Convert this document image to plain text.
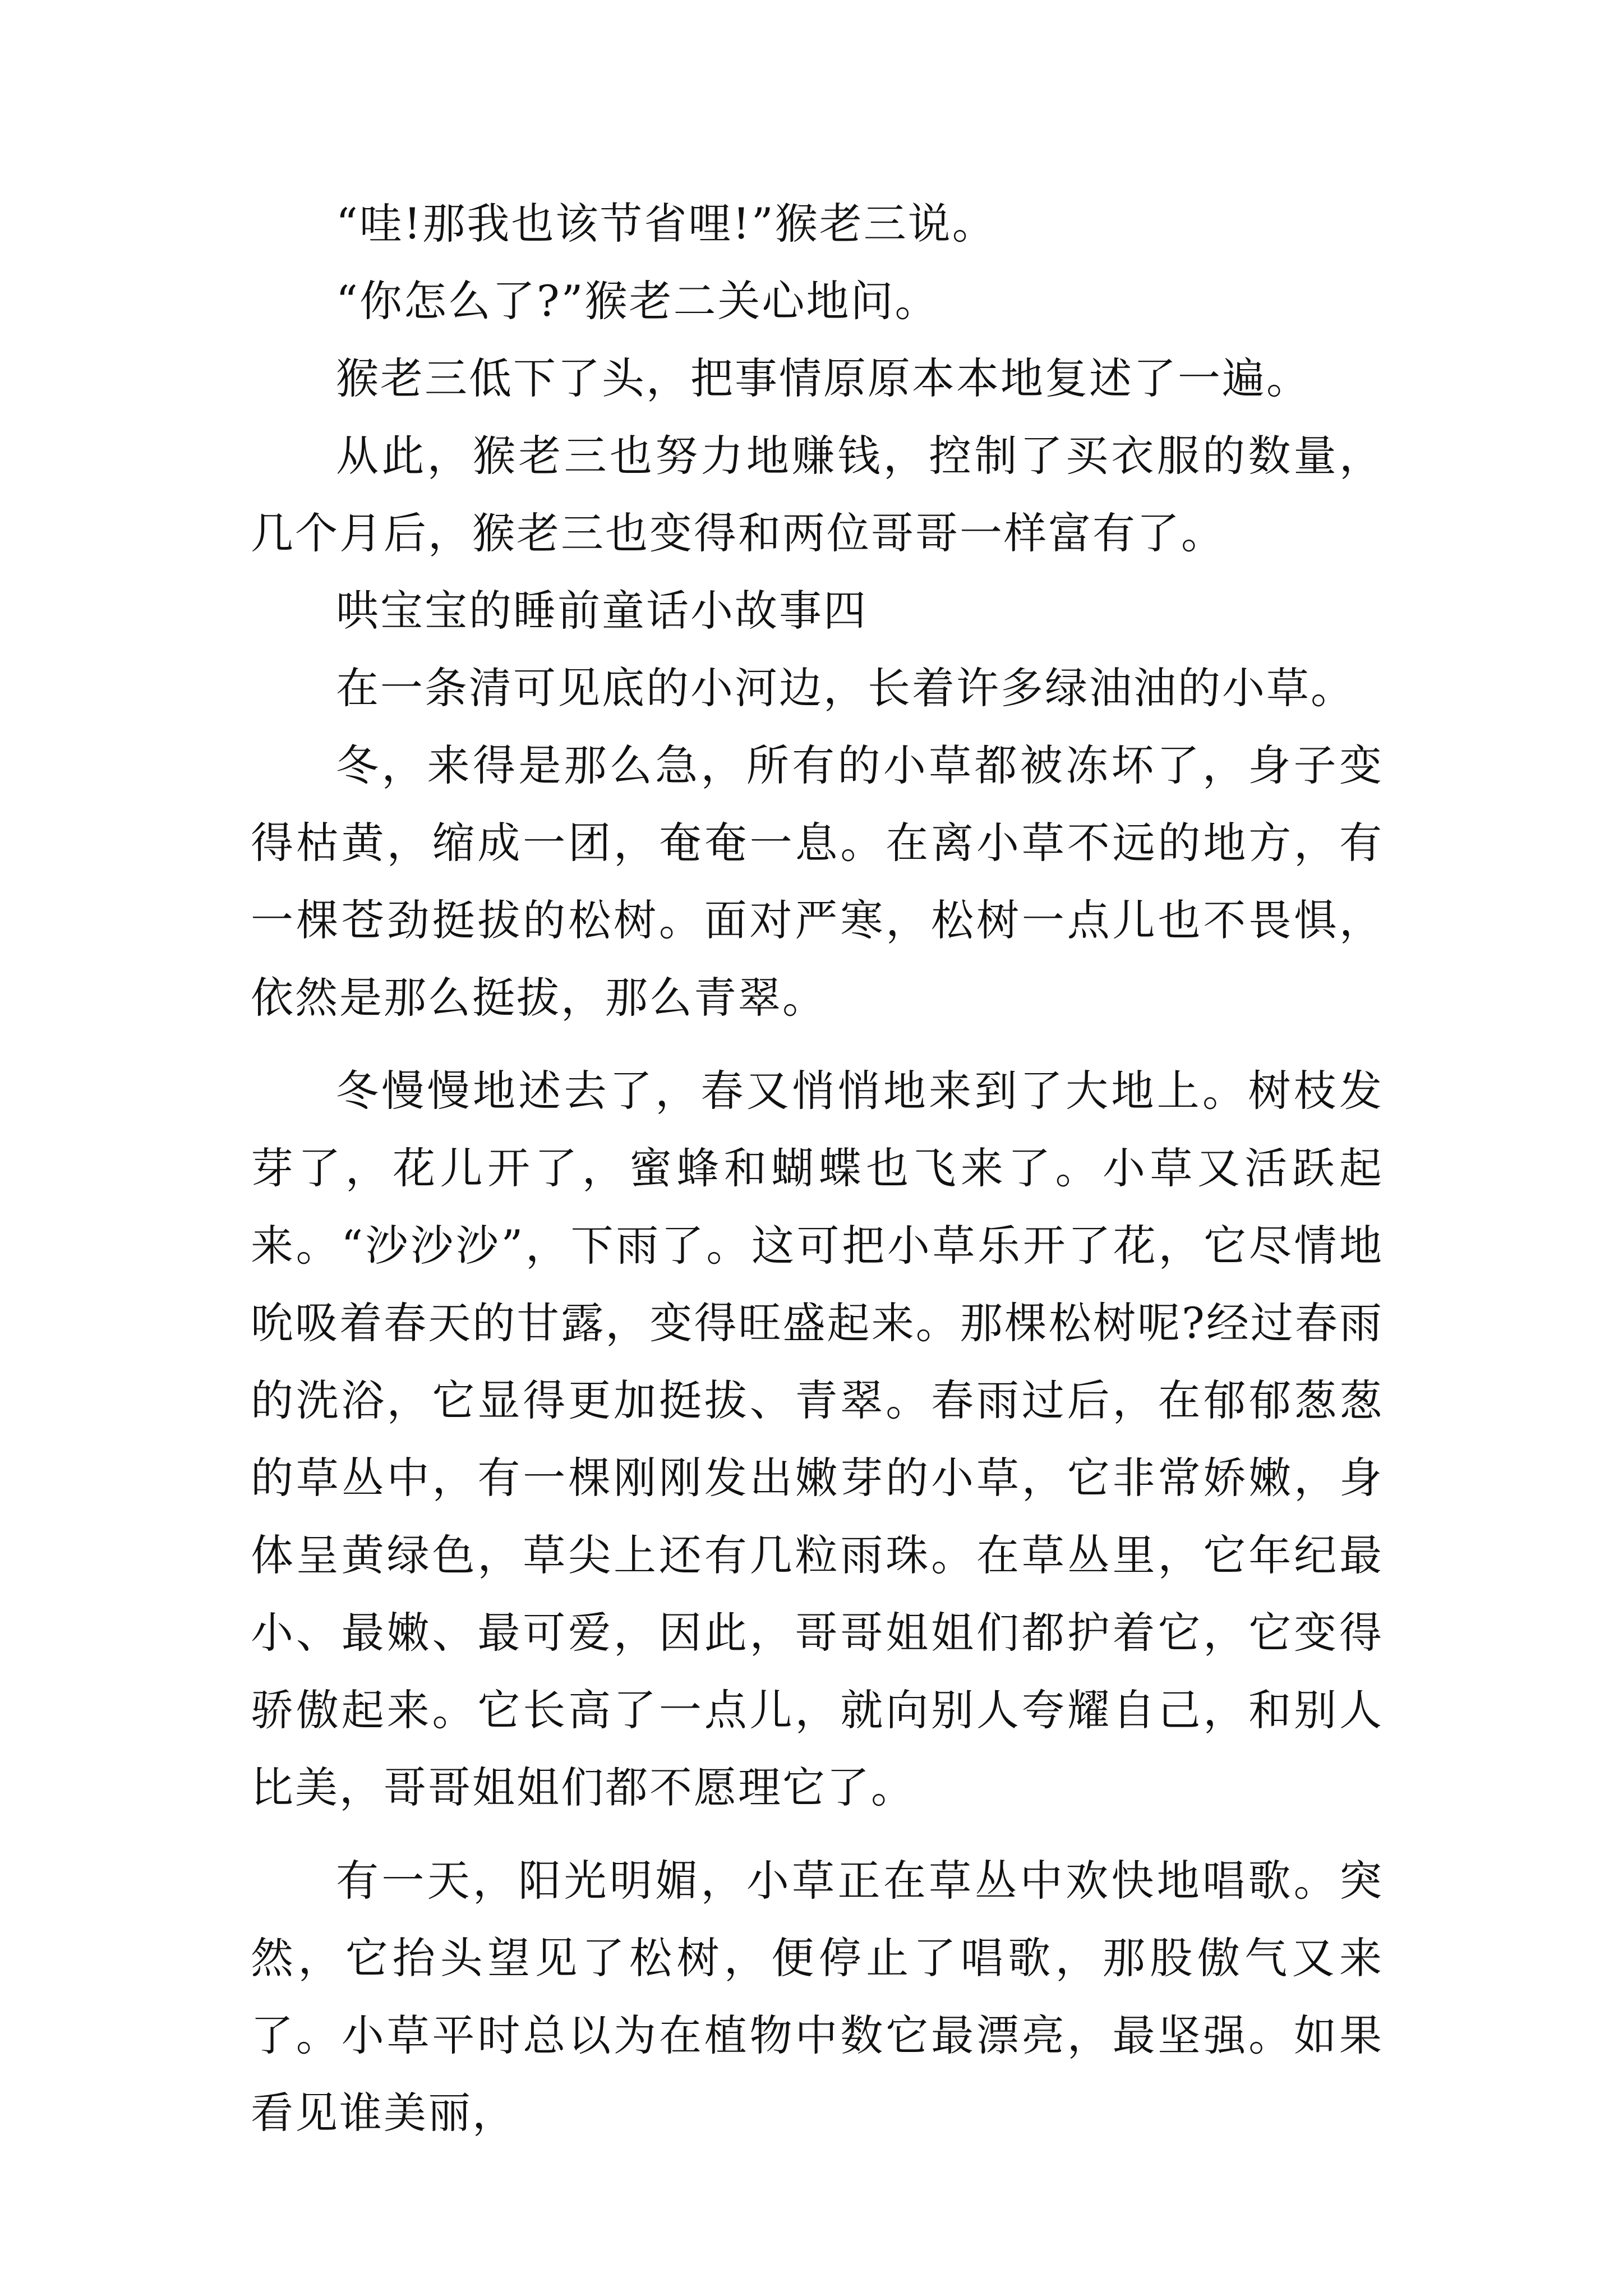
“哇!那我也该节省哩!”猴老三说。

“你怎么了?”猴老二关心地问。

猴老三低下了头，把事情原原本本地复述了一遍。

从此，猴老三也努力地赚钱，控制了买衣服的数量，几个月后，猴老三也变得和两位哥哥一样富有了。

哄宝宝的睡前童话小故事四

在一条清可见底的小河边，长着许多绿油油的小草。

冬，来得是那么急，所有的小草都被冻坏了，身子变得枯黄，缩成一团，奄奄一息。在离小草不远的地方，有一棵苍劲挺拔的松树。面对严寒，松树一点儿也不畏惧，依然是那么挺拔，那么青翠。

冬慢慢地述去了，春又悄悄地来到了大地上。树枝发芽了，花儿开了，蜜蜂和蝴蝶也飞来了。小草又活跃起来。“沙沙沙”，下雨了。这可把小草乐开了花，它尽情地吮吸着春天的甘露，变得旺盛起来。那棵松树呢?经过春雨的洗浴，它显得更加挺拔、青翠。春雨过后，在郁郁葱葱的草丛中，有一棵刚刚发出嫩芽的小草，它非常娇嫩，身体呈黄绿色，草尖上还有几粒雨珠。在草丛里，它年纪最小、最嫩、最可爱，因此，哥哥姐姐们都护着它，它变得骄傲起来。它长高了一点儿，就向别人夸耀自己，和别人比美，哥哥姐姐们都不愿理它了。

有一天，阳光明媚，小草正在草丛中欢快地唱歌。突然，它抬头望见了松树，便停止了唱歌，那股傲气又来了。小草平时总以为在植物中数它最漂亮，最坚强。如果看见谁美丽，
